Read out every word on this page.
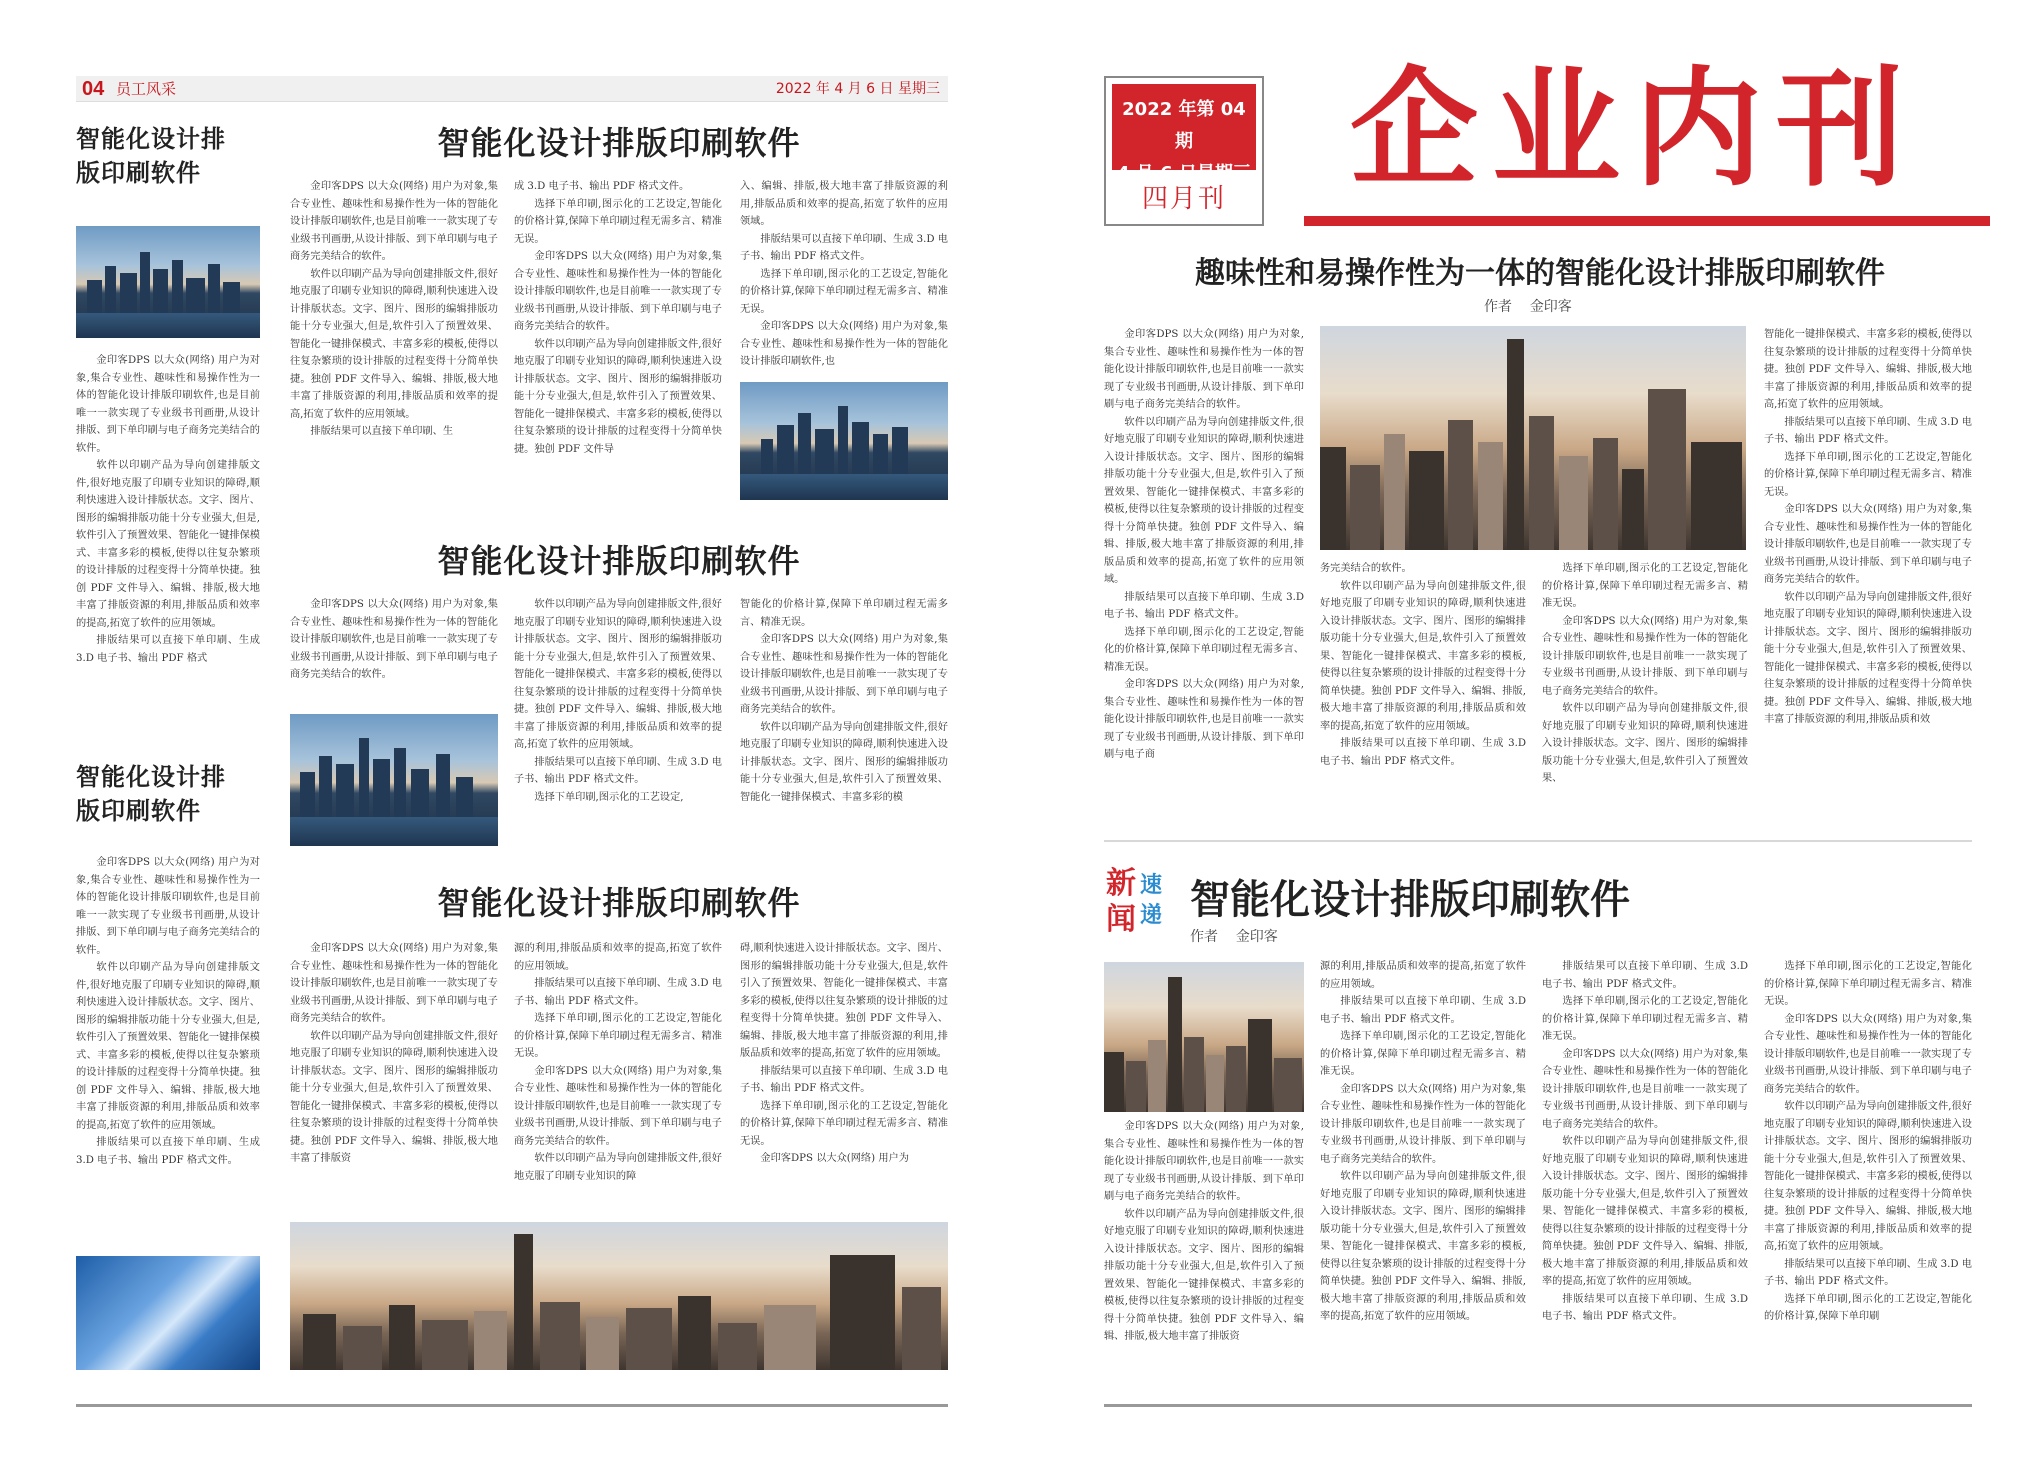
04 员工风采	2022 年 4 月 6 日 星期三
智能化设计排
版印刷软件

金印客DPS 以大众(网络) 用户为对象,集合专业性、趣味性和易操作性为一体的智能化设计排版印刷软件,也是目前唯一一款实现了专业级书刊画册,从设计排版、到下单印刷与电子商务完美结合的软件。

软件以印刷产品为导向创建排版文件,很好地克服了印刷专业知识的障碍,顺利快速进入设计排版状态。文字、图片、图形的编辑排版功能十分专业强大,但是,软件引入了预置效果、智能化一键排保模式、丰富多彩的模板,使得以往复杂繁琐的设计排版的过程变得十分简单快捷。独创 PDF 文件导入、编辑、排版,极大地丰富了排版资源的利用,排版品质和效率的提高,拓宽了软件的应用领域。

排版结果可以直接下单印刷、生成 3.D 电子书、输出 PDF 格式

智能化设计排
版印刷软件

金印客DPS 以大众(网络) 用户为对象,集合专业性、趣味性和易操作性为一体的智能化设计排版印刷软件,也是目前唯一一款实现了专业级书刊画册,从设计排版、到下单印刷与电子商务完美结合的软件。

软件以印刷产品为导向创建排版文件,很好地克服了印刷专业知识的障碍,顺利快速进入设计排版状态。文字、图片、图形的编辑排版功能十分专业强大,但是,软件引入了预置效果、智能化一键排保模式、丰富多彩的模板,使得以往复杂繁琐的设计排版的过程变得十分简单快捷。独创 PDF 文件导入、编辑、排版,极大地丰富了排版资源的利用,排版品质和效率的提高,拓宽了软件的应用领域。

排版结果可以直接下单印刷、生成 3.D 电子书、输出 PDF 格式文件。

智能化设计排版印刷软件

金印客DPS 以大众(网络) 用户为对象,集合专业性、趣味性和易操作性为一体的智能化设计排版印刷软件,也是目前唯一一款实现了专业级书刊画册,从设计排版、到下单印刷与电子商务完美结合的软件。

软件以印刷产品为导向创建排版文件,很好地克服了印刷专业知识的障碍,顺利快速进入设计排版状态。文字、图片、图形的编辑排版功能十分专业强大,但是,软件引入了预置效果、智能化一键排保模式、丰富多彩的模板,使得以往复杂繁琐的设计排版的过程变得十分简单快捷。独创 PDF 文件导入、编辑、排版,极大地丰富了排版资源的利用,排版品质和效率的提高,拓宽了软件的应用领域。

排版结果可以直接下单印刷、生

成 3.D 电子书、输出 PDF 格式文件。

选择下单印刷,图示化的工艺设定,智能化的价格计算,保障下单印刷过程无需多言、精准无误。

金印客DPS 以大众(网络) 用户为对象,集合专业性、趣味性和易操作性为一体的智能化设计排版印刷软件,也是目前唯一一款实现了专业级书刊画册,从设计排版、到下单印刷与电子商务完美结合的软件。

软件以印刷产品为导向创建排版文件,很好地克服了印刷专业知识的障碍,顺利快速进入设计排版状态。文字、图片、图形的编辑排版功能十分专业强大,但是,软件引入了预置效果、智能化一键排保模式、丰富多彩的模板,使得以往复杂繁琐的设计排版的过程变得十分简单快捷。独创 PDF 文件导

入、编辑、排版,极大地丰富了排版资源的利用,排版品质和效率的提高,拓宽了软件的应用领域。

排版结果可以直接下单印刷、生成 3.D 电子书、输出 PDF 格式文件。

选择下单印刷,图示化的工艺设定,智能化的价格计算,保障下单印刷过程无需多言、精准无误。

金印客DPS 以大众(网络) 用户为对象,集合专业性、趣味性和易操作性为一体的智能化设计排版印刷软件,也

智能化设计排版印刷软件

金印客DPS 以大众(网络) 用户为对象,集合专业性、趣味性和易操作性为一体的智能化设计排版印刷软件,也是目前唯一一款实现了专业级书刊画册,从设计排版、到下单印刷与电子商务完美结合的软件。

软件以印刷产品为导向创建排版文件,很好地克服了印刷专业知识的障碍,顺利快速进入设计排版状态。文字、图片、图形的编辑排版功能十分专业强大,但是,软件引入了预置效果、智能化一键排保模式、丰富多彩的模板,使得以往复杂繁琐的设计排版的过程变得十分简单快捷。独创 PDF 文件导入、编辑、排版,极大地丰富了排版资源的利用,排版品质和效率的提高,拓宽了软件的应用领域。

排版结果可以直接下单印刷、生成 3.D 电子书、输出 PDF 格式文件。

选择下单印刷,图示化的工艺设定,

智能化的价格计算,保障下单印刷过程无需多言、精准无误。

金印客DPS 以大众(网络) 用户为对象,集合专业性、趣味性和易操作性为一体的智能化设计排版印刷软件,也是目前唯一一款实现了专业级书刊画册,从设计排版、到下单印刷与电子商务完美结合的软件。

软件以印刷产品为导向创建排版文件,很好地克服了印刷专业知识的障碍,顺利快速进入设计排版状态。文字、图片、图形的编辑排版功能十分专业强大,但是,软件引入了预置效果、智能化一键排保模式、丰富多彩的模

智能化设计排版印刷软件

金印客DPS 以大众(网络) 用户为对象,集合专业性、趣味性和易操作性为一体的智能化设计排版印刷软件,也是目前唯一一款实现了专业级书刊画册,从设计排版、到下单印刷与电子商务完美结合的软件。

软件以印刷产品为导向创建排版文件,很好地克服了印刷专业知识的障碍,顺利快速进入设计排版状态。文字、图片、图形的编辑排版功能十分专业强大,但是,软件引入了预置效果、智能化一键排保模式、丰富多彩的模板,使得以往复杂繁琐的设计排版的过程变得十分简单快捷。独创 PDF 文件导入、编辑、排版,极大地丰富了排版资

源的利用,排版品质和效率的提高,拓宽了软件的应用领域。

排版结果可以直接下单印刷、生成 3.D 电子书、输出 PDF 格式文件。

选择下单印刷,图示化的工艺设定,智能化的价格计算,保障下单印刷过程无需多言、精准无误。

金印客DPS 以大众(网络) 用户为对象,集合专业性、趣味性和易操作性为一体的智能化设计排版印刷软件,也是目前唯一一款实现了专业级书刊画册,从设计排版、到下单印刷与电子商务完美结合的软件。

软件以印刷产品为导向创建排版文件,很好地克服了印刷专业知识的障

碍,顺利快速进入设计排版状态。文字、图片、图形的编辑排版功能十分专业强大,但是,软件引入了预置效果、智能化一键排保模式、丰富多彩的模板,使得以往复杂繁琐的设计排版的过程变得十分简单快捷。独创 PDF 文件导入、编辑、排版,极大地丰富了排版资源的利用,排版品质和效率的提高,拓宽了软件的应用领域。

排版结果可以直接下单印刷、生成 3.D 电子书、输出 PDF 格式文件。

选择下单印刷,图示化的工艺设定,智能化的价格计算,保障下单印刷过程无需多言、精准无误。

金印客DPS 以大众(网络) 用户为

2022 年第 04 期
4 月 6 日星期三
四月刊 企业内刊
趣味性和易操作性为一体的智能化设计排版印刷软件
作者 金印客

金印客DPS 以大众(网络) 用户为对象,集合专业性、趣味性和易操作性为一体的智能化设计排版印刷软件,也是目前唯一一款实现了专业级书刊画册,从设计排版、到下单印刷与电子商务完美结合的软件。

软件以印刷产品为导向创建排版文件,很好地克服了印刷专业知识的障碍,顺利快速进入设计排版状态。文字、图片、图形的编辑排版功能十分专业强大,但是,软件引入了预置效果、智能化一键排保模式、丰富多彩的模板,使得以往复杂繁琐的设计排版的过程变得十分简单快捷。独创 PDF 文件导入、编辑、排版,极大地丰富了排版资源的利用,排版品质和效率的提高,拓宽了软件的应用领域。

排版结果可以直接下单印刷、生成 3.D 电子书、输出 PDF 格式文件。

选择下单印刷,图示化的工艺设定,智能化的价格计算,保障下单印刷过程无需多言、精准无误。

金印客DPS 以大众(网络) 用户为对象,集合专业性、趣味性和易操作性为一体的智能化设计排版印刷软件,也是目前唯一一款实现了专业级书刊画册,从设计排版、到下单印刷与电子商

务完美结合的软件。

软件以印刷产品为导向创建排版文件,很好地克服了印刷专业知识的障碍,顺利快速进入设计排版状态。文字、图片、图形的编辑排版功能十分专业强大,但是,软件引入了预置效果、智能化一键排保模式、丰富多彩的模板,使得以往复杂繁琐的设计排版的过程变得十分简单快捷。独创 PDF 文件导入、编辑、排版,极大地丰富了排版资源的利用,排版品质和效率的提高,拓宽了软件的应用领域。

排版结果可以直接下单印刷、生成 3.D 电子书、输出 PDF 格式文件。

选择下单印刷,图示化的工艺设定,智能化的价格计算,保障下单印刷过程无需多言、精准无误。

金印客DPS 以大众(网络) 用户为对象,集合专业性、趣味性和易操作性为一体的智能化设计排版印刷软件,也是目前唯一一款实现了专业级书刊画册,从设计排版、到下单印刷与电子商务完美结合的软件。

软件以印刷产品为导向创建排版文件,很好地克服了印刷专业知识的障碍,顺利快速进入设计排版状态。文字、图片、图形的编辑排版功能十分专业强大,但是,软件引入了预置效果、

智能化一键排保模式、丰富多彩的模板,使得以往复杂繁琐的设计排版的过程变得十分简单快捷。独创 PDF 文件导入、编辑、排版,极大地丰富了排版资源的利用,排版品质和效率的提高,拓宽了软件的应用领域。

排版结果可以直接下单印刷、生成 3.D 电子书、输出 PDF 格式文件。

选择下单印刷,图示化的工艺设定,智能化的价格计算,保障下单印刷过程无需多言、精准无误。

金印客DPS 以大众(网络) 用户为对象,集合专业性、趣味性和易操作性为一体的智能化设计排版印刷软件,也是目前唯一一款实现了专业级书刊画册,从设计排版、到下单印刷与电子商务完美结合的软件。

软件以印刷产品为导向创建排版文件,很好地克服了印刷专业知识的障碍,顺利快速进入设计排版状态。文字、图片、图形的编辑排版功能十分专业强大,但是,软件引入了预置效果、智能化一键排保模式、丰富多彩的模板,使得以往复杂繁琐的设计排版的过程变得十分简单快捷。独创 PDF 文件导入、编辑、排版,极大地丰富了排版资源的利用,排版品质和效

新
闻
速
递 智能化设计排版印刷软件
作者 金印客

金印客DPS 以大众(网络) 用户为对象,集合专业性、趣味性和易操作性为一体的智能化设计排版印刷软件,也是目前唯一一款实现了专业级书刊画册,从设计排版、到下单印刷与电子商务完美结合的软件。

软件以印刷产品为导向创建排版文件,很好地克服了印刷专业知识的障碍,顺利快速进入设计排版状态。文字、图片、图形的编辑排版功能十分专业强大,但是,软件引入了预置效果、智能化一键排保模式、丰富多彩的模板,使得以往复杂繁琐的设计排版的过程变得十分简单快捷。独创 PDF 文件导入、编辑、排版,极大地丰富了排版资

源的利用,排版品质和效率的提高,拓宽了软件的应用领域。

排版结果可以直接下单印刷、生成 3.D 电子书、输出 PDF 格式文件。

选择下单印刷,图示化的工艺设定,智能化的价格计算,保障下单印刷过程无需多言、精准无误。

金印客DPS 以大众(网络) 用户为对象,集合专业性、趣味性和易操作性为一体的智能化设计排版印刷软件,也是目前唯一一款实现了专业级书刊画册,从设计排版、到下单印刷与电子商务完美结合的软件。

软件以印刷产品为导向创建排版文件,很好地克服了印刷专业知识的障碍,顺利快速进入设计排版状态。文字、图片、图形的编辑排版功能十分专业强大,但是,软件引入了预置效果、智能化一键排保模式、丰富多彩的模板,使得以往复杂繁琐的设计排版的过程变得十分简单快捷。独创 PDF 文件导入、编辑、排版,极大地丰富了排版资源的利用,排版品质和效率的提高,拓宽了软件的应用领域。

排版结果可以直接下单印刷、生成 3.D 电子书、输出 PDF 格式文件。

选择下单印刷,图示化的工艺设定,智能化的价格计算,保障下单印刷过程无需多言、精准无误。

金印客DPS 以大众(网络) 用户为对象,集合专业性、趣味性和易操作性为一体的智能化设计排版印刷软件,也是目前唯一一款实现了专业级书刊画册,从设计排版、到下单印刷与电子商务完美结合的软件。

软件以印刷产品为导向创建排版文件,很好地克服了印刷专业知识的障碍,顺利快速进入设计排版状态。文字、图片、图形的编辑排版功能十分专业强大,但是,软件引入了预置效果、智能化一键排保模式、丰富多彩的模板,使得以往复杂繁琐的设计排版的过程变得十分简单快捷。独创 PDF 文件导入、编辑、排版,极大地丰富了排版资源的利用,排版品质和效率的提高,拓宽了软件的应用领域。

排版结果可以直接下单印刷、生成 3.D 电子书、输出 PDF 格式文件。

选择下单印刷,图示化的工艺设定,智能化的价格计算,保障下单印刷过程无需多言、精准无误。

金印客DPS 以大众(网络) 用户为对象,集合专业性、趣味性和易操作性为一体的智能化设计排版印刷软件,也是目前唯一一款实现了专业级书刊画册,从设计排版、到下单印刷与电子商务完美结合的软件。

软件以印刷产品为导向创建排版文件,很好地克服了印刷专业知识的障碍,顺利快速进入设计排版状态。文字、图片、图形的编辑排版功能十分专业强大,但是,软件引入了预置效果、智能化一键排保模式、丰富多彩的模板,使得以往复杂繁琐的设计排版的过程变得十分简单快捷。独创 PDF 文件导入、编辑、排版,极大地丰富了排版资源的利用,排版品质和效率的提高,拓宽了软件的应用领域。

排版结果可以直接下单印刷、生成 3.D 电子书、输出 PDF 格式文件。

选择下单印刷,图示化的工艺设定,智能化的价格计算,保障下单印刷
